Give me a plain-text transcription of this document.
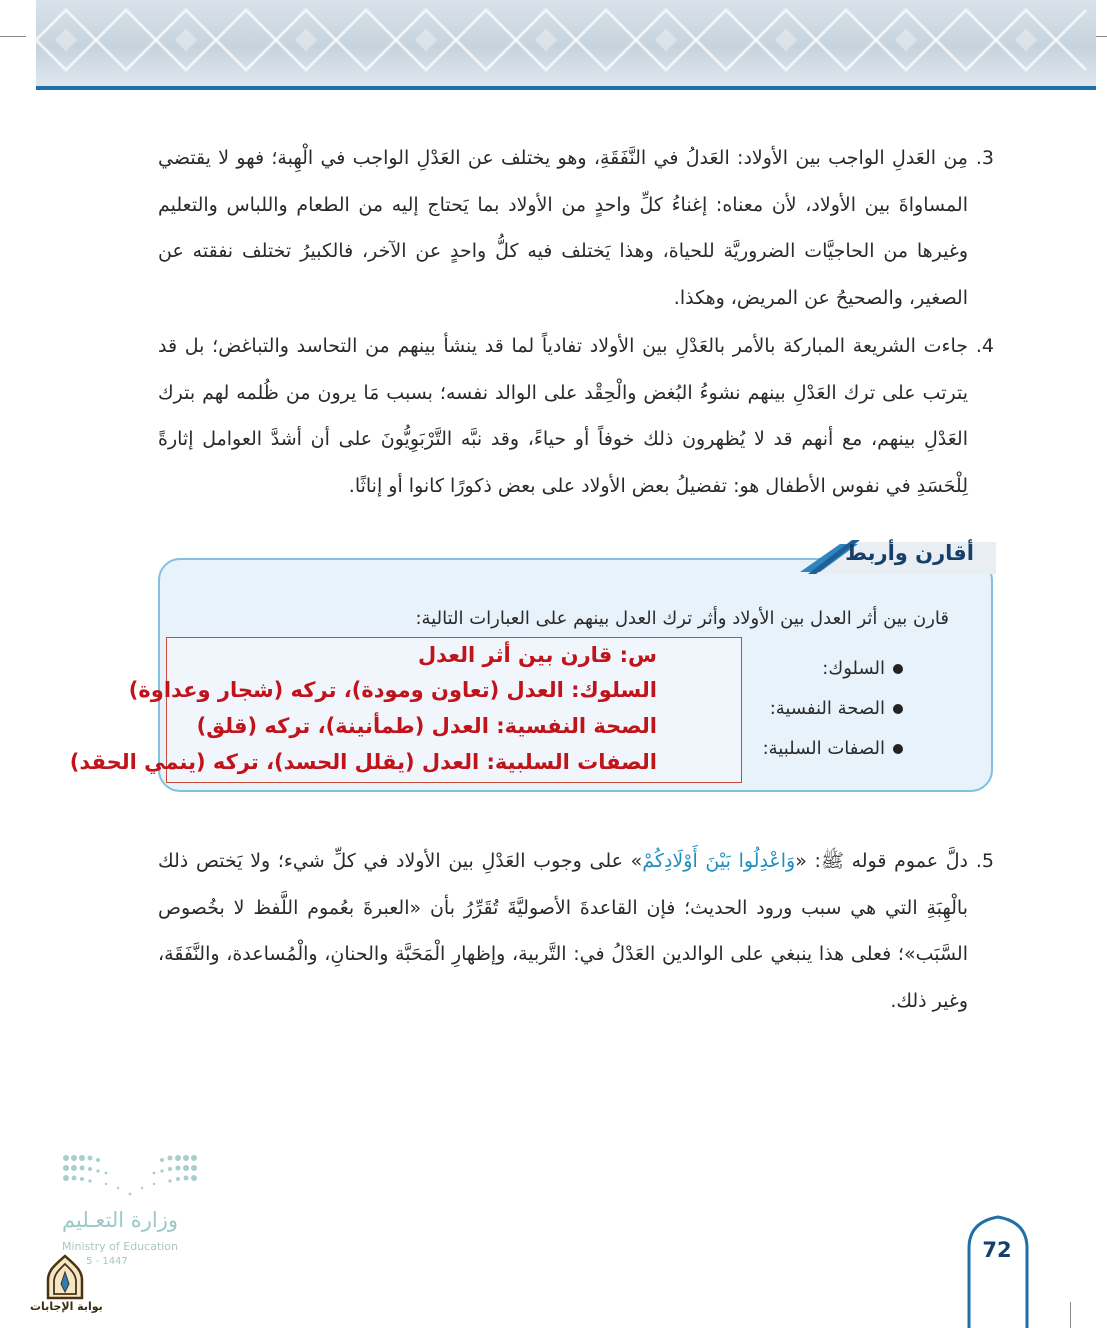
.3
مِن العَدلِ الواجب بين الأولاد: العَدلُ في النَّفَقَةِ، وهو يختلف عن العَدْلِ الواجب في الْهِبة؛ فهو لا يقتضي المساواةَ بين الأولاد، لأن معناه: إغناءُ كلِّ واحدٍ من الأولاد بما يَحتاج إليه من الطعام واللباس والتعليم وغيرها من الحاجيَّات الضروريَّة للحياة، وهذا يَختلف فيه كلُّ واحدٍ عن الآخر، فالكبيرُ تختلف نفقته عن الصغير، والصحيحُ عن المريض، وهكذا.
.4
جاءت الشريعة المباركة بالأمر بالعَدْلِ بين الأولاد تفادياً لما قد ينشأ بينهم من التحاسد والتباغض؛ بل قد يترتب على ترك العَدْلِ بينهم نشوءُ البُغض والْحِقْد على الوالد نفسه؛ بسبب مَا يرون من ظُلمه لهم بترك العَدْلِ بينهم، مع أنهم قد لا يُظهرون ذلك خوفاً أو حياءً، وقد نبَّه التَّرْبَوِيُّونَ على أن أشدَّ العوامل إثارةً لِلْحَسَدِ في نفوس الأطفال هو: تفضيلُ بعض الأولاد على بعض ذكورًا كانوا أو إناثًا.
قارن بين أثر العدل بين الأولاد وأثر ترك العدل بينهم على العبارات التالية:
السلوك:
الصحة النفسية:
الصفات السلبية:
أقارن وأربط
س: قارن بين أثر العدل
السلوك: العدل (تعاون ومودة)، تركه (شجار وعداوة)
الصحة النفسية: العدل (طمأنينة)، تركه (قلق)
الصفات السلبية: العدل (يقلل الحسد)، تركه (ينمي الحقد)
.5
دلَّ عموم قوله ﷺ: «وَاعْدِلُوا بَيْنَ أَوْلَادِكُمْ» على وجوب العَدْلِ بين الأولاد في كلِّ شيء؛ ولا يَختص ذلك بالْهِبَةِ التي هي سبب ورود الحديث؛ فإن القاعدةَ الأصوليَّةَ تُقَرِّرُ بأن «العبرةَ بعُموم اللَّفظ لا بخُصوص السَّبَب»؛ فعلى هذا ينبغي على الوالدين العَدْلُ في: التَّربية، وإظهارِ الْمَحَبَّة والحنانِ، والْمُساعدة، والنَّفَقَة، وغير ذلك.
وزارة التعـليم
Ministry of Education
5 - 1447
بوابة الإجابات
72
